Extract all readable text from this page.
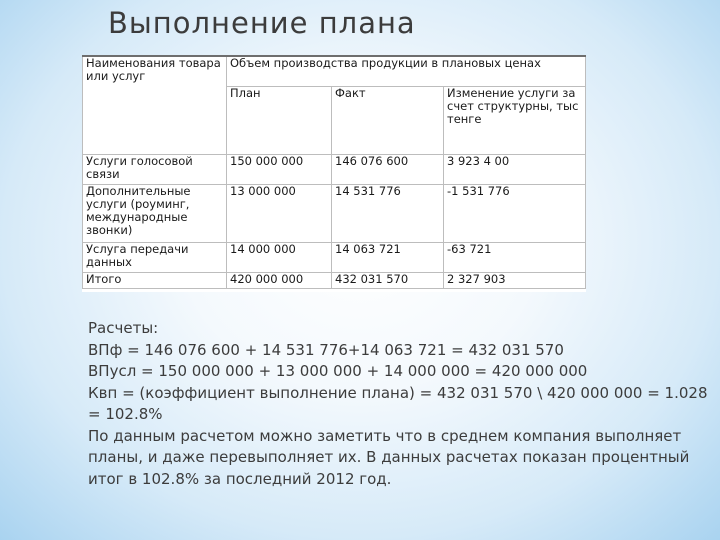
Выполнение плана
Наименования товара или услуг	Объем производства продукции в плановых ценах		
	План	Факт	Изменение услуги за счет структурны, тыс тенге
Услуги голосовой связи	150 000 000	146 076 600	3 923 4 00
Дополнительные услуги (роуминг, международные звонки)	13 000 000	14 531 776	-1 531 776
Услуга передачи данных	14 000 000	14 063 721	-63 721
Итого	420 000 000	432 031 570	2 327 903

Расчеты:

ВПф = 146 076 600 + 14 531 776+14 063 721 = 432 031 570

ВПусл = 150 000 000 + 13 000 000 + 14 000 000 = 420 000 000

Квп = (коэффициент выполнение плана) = 432 031 570 \ 420 000 000 = 1.028 = 102.8%

По данным расчетом можно заметить что в среднем компания выполняет планы, и даже перевыполняет их. В данных расчетах показан процентный итог в 102.8% за последний 2012 год.
